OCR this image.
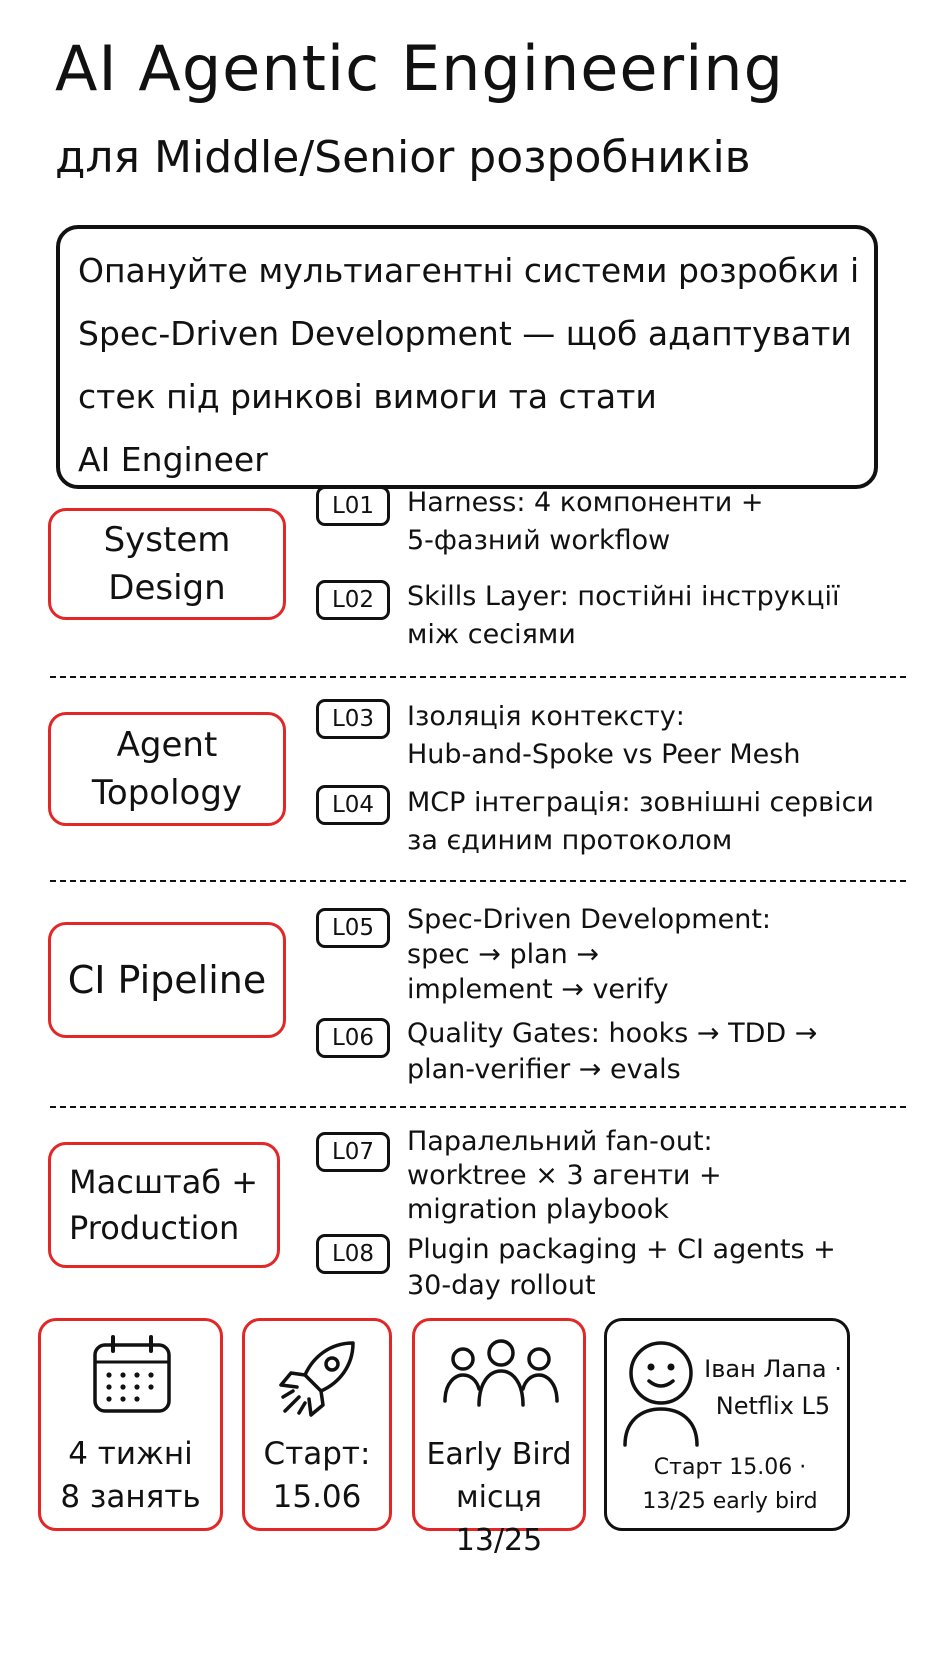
AI Agentic Engineering
для Middle/Senior розробників
Опануйте мультиагентні системи розробки і
Spec-Driven Development — щоб адаптувати
стек під ринкові вимоги та стати
AI Engineer
System Design
L01	Harness: 4 компоненти +
5-фазний workflow
L02	Skills Layer: постійні інструкції
між сесіями
Agent Topology
L03	Ізоляція контексту:
Hub-and-Spoke vs Peer Mesh
L04	MCP інтеграція: зовнішні сервіси
за єдиним протоколом
CI Pipeline
L05	Spec-Driven Development:
spec → plan →
implement → verify
L06	Quality Gates: hooks → TDD →
plan-verifier → evals
Масштаб +
Production
L07	Паралельний fan-out:
worktree × 3 агенти +
migration playbook
L08	Plugin packaging + CI agents +
30-day rollout
4 тижні
8 занять
Старт:
15.06
Early Bird
місця 13/25
Іван Лапа ·
Netflix L5
Старт 15.06 ·
13/25 early bird
